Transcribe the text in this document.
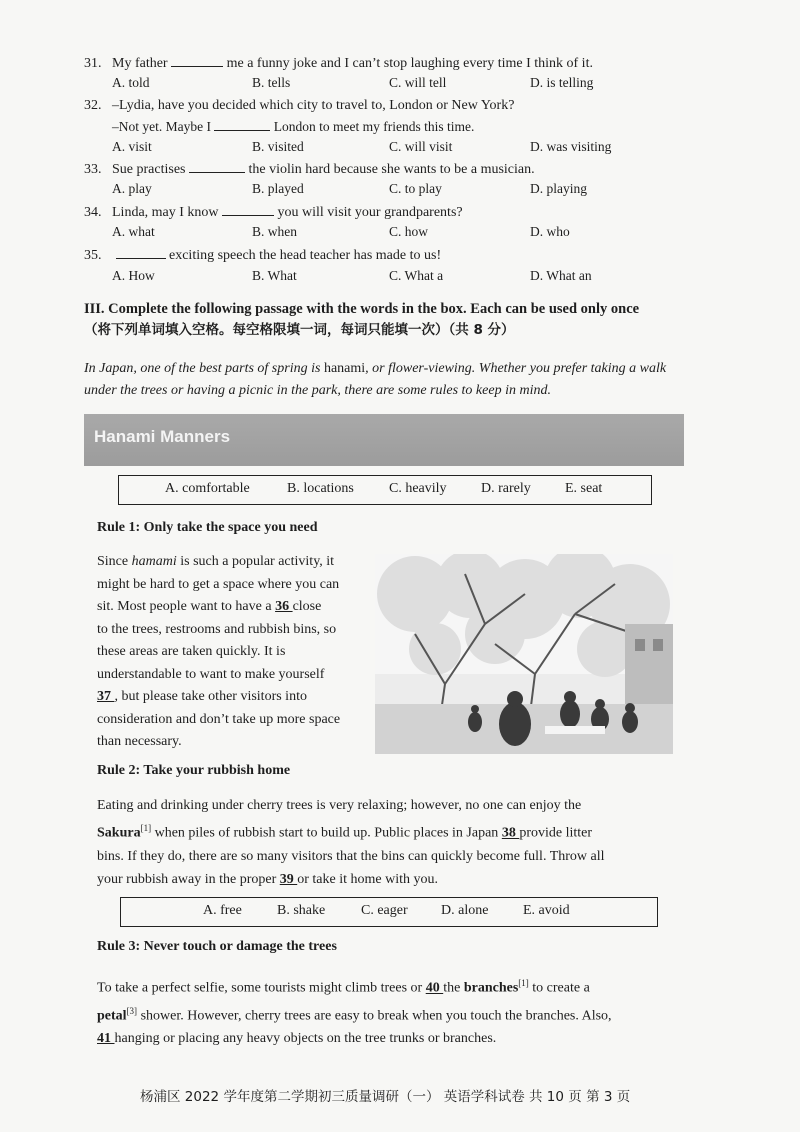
31. My father	me a funny joke and I can’t stop laughing every time I think of it.
A. told	B. tells	C. will tell	D. is telling
32. –Lydia, have you decided which city to travel to, London or New York?
–Not yet. Maybe I	London to meet my friends this time.
A. visit	B. visited	C. will visit	D. was visiting
33. Sue practises	the violin hard because she wants to be a musician.
A. play	B. played	C. to play	D. playing
34. Linda, may I know	you will visit your grandparents?
A. what	B. when	C. how	D. who
35.	exciting speech the head teacher has made to us!
A. How	B. What	C. What a	D. What an
III. Complete the following passage with the words in the box. Each can be used only once
（将下列单词填入空格。每空格限填一词，每词只能填一次）（共 8 分）
In Japan, one of the best parts of spring is hanami, or flower-viewing. Whether you prefer taking a walk under the trees or having a picnic in the park, there are some rules to keep in mind.
Hanami Manners
A. comfortable	B. locations	C. heavily D. rarely E. seat
Rule 1: Only take the space you need
Since hamami is such a popular activity, it
might be hard to get a space where you can
sit. Most people want to have a 36 close
to the trees, restrooms and rubbish bins, so
these areas are taken quickly. It is
understandable to want to make yourself
37 , but please take other visitors into
consideration and don’t take up more space
than necessary.
Rule 2: Take your rubbish home
Eating and drinking under cherry trees is very relaxing; however, no one can enjoy the
Sakura[1] when piles of rubbish start to build up. Public places in Japan 38 provide litter
bins. If they do, there are so many visitors that the bins can quickly become full. Throw all
your rubbish away in the proper 39 or take it home with you.
A. free	B. shake	C. eager D. alone E. avoid
Rule 3: Never touch or damage the trees
To take a perfect selfie, some tourists might climb trees or 40 the branches[1] to create a
petal[3] shower. However, cherry trees are easy to break when you touch the branches. Also,
41 hanging or placing any heavy objects on the tree trunks or branches.
杨浦区 2022 学年度第二学期初三质量调研（一） 英语学科试卷 共 10 页 第 3 页
